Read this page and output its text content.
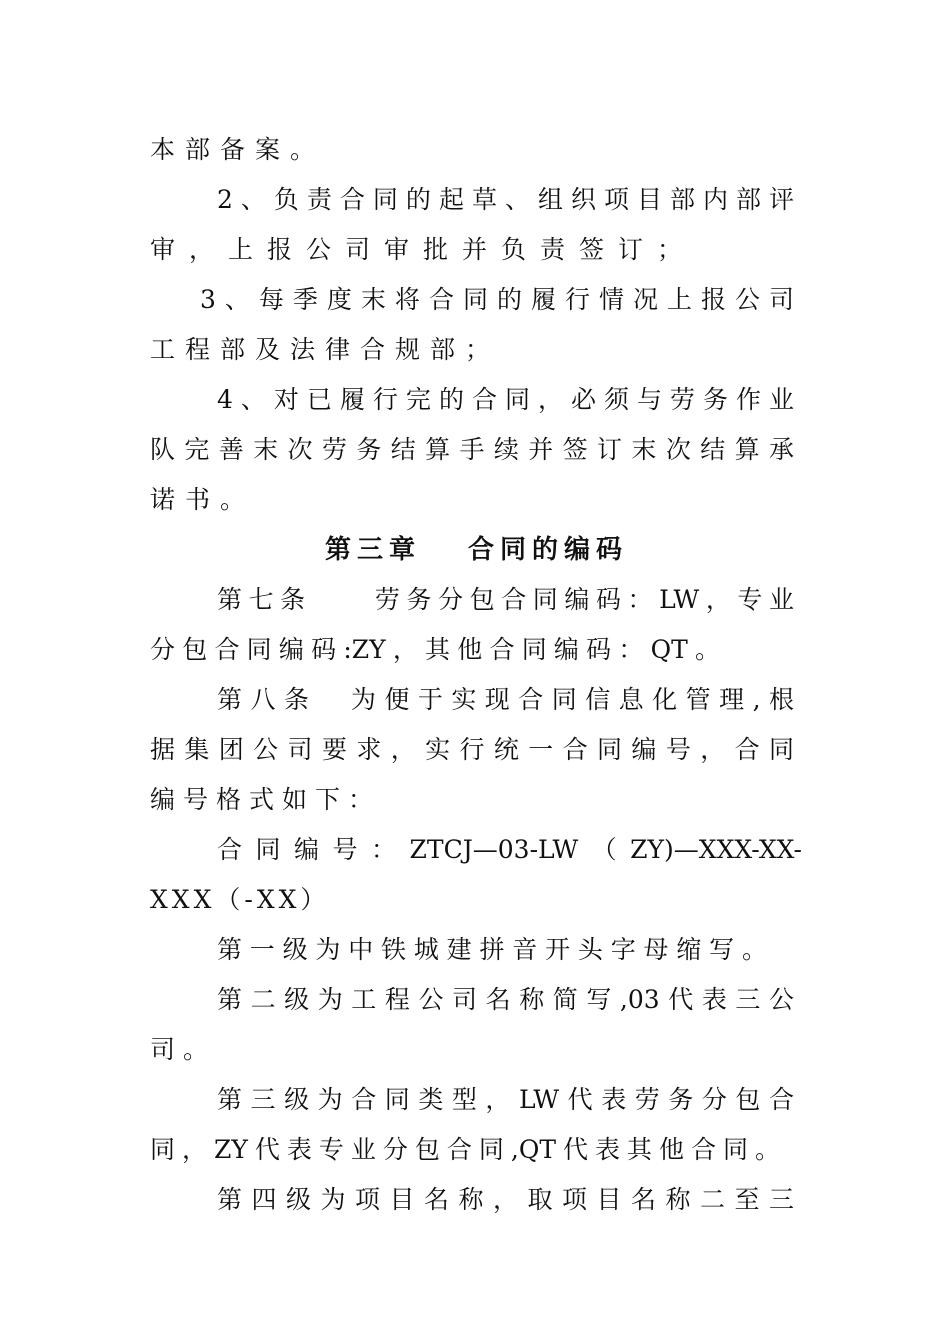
本部备案。
2、负责合同的起草、组织项目部内部评
审，上报公司审批并负责签订；
3、每季度末将合同的履行情况上报公司
工程部及法律合规部；
4、对已履行完的合同，必须与劳务作业
队完善末次劳务结算手续并签订末次结算承
诺书。
第三章　 合同的编码
第七条　　劳务分包合同编码：LW，专业
分包合同编码:ZY，其他合同编码：QT。
第八条　为便于实现合同信息化管理,根
据集团公司要求，实行统一合同编号，合同
编号格式如下：
合同编号：ZTCJ—03-LW（ZY)—XXX-XX-
XXX（-XX）
第一级为中铁城建拼音开头字母缩写。
第二级为工程公司名称简写,03代表三公
司。
第三级为合同类型，LW代表劳务分包合
同，ZY代表专业分包合同,QT代表其他合同。
第四级为项目名称，取项目名称二至三
